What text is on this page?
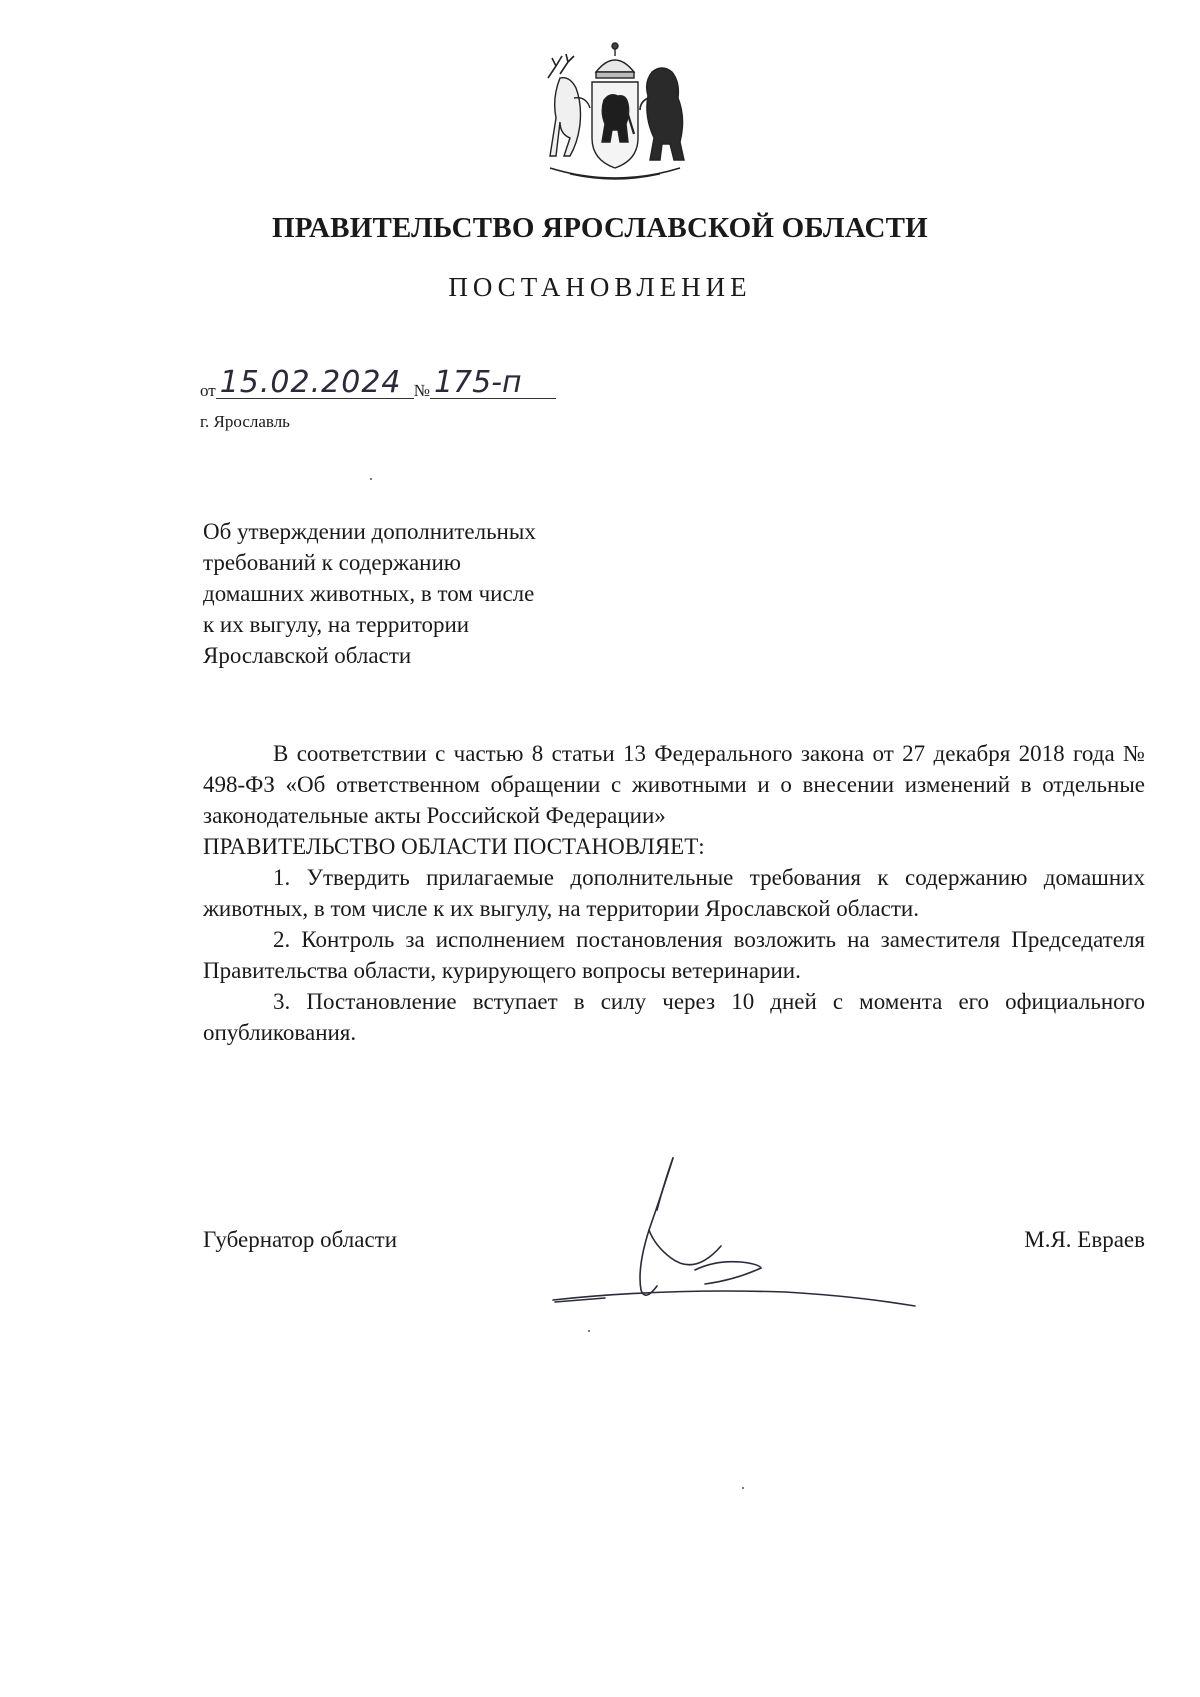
ПРАВИТЕЛЬСТВО ЯРОСЛАВСКОЙ ОБЛАСТИ
ПОСТАНОВЛЕНИЕ
от 15.02.2024 № 175-п
г. Ярославль
Об утверждении дополнительных
требований к содержанию
домашних животных, в том числе
к их выгулу, на территории
Ярославской области

В соответствии с частью 8 статьи 13 Федерального закона от 27 декабря 2018 года № 498-ФЗ «Об ответственном обращении с животными и о внесении изменений в отдельные законодательные акты Российской Федерации»

ПРАВИТЕЛЬСТВО ОБЛАСТИ ПОСТАНОВЛЯЕТ:

1. Утвердить прилагаемые дополнительные требования к содержанию домашних животных, в том числе к их выгулу, на территории Ярославской области.

2. Контроль за исполнением постановления возложить на заместителя Председателя Правительства области, курирующего вопросы ветеринарии.

3. Постановление вступает в силу через 10 дней с момента его официального опубликования.

Губернатор области	М.Я. Евраев
